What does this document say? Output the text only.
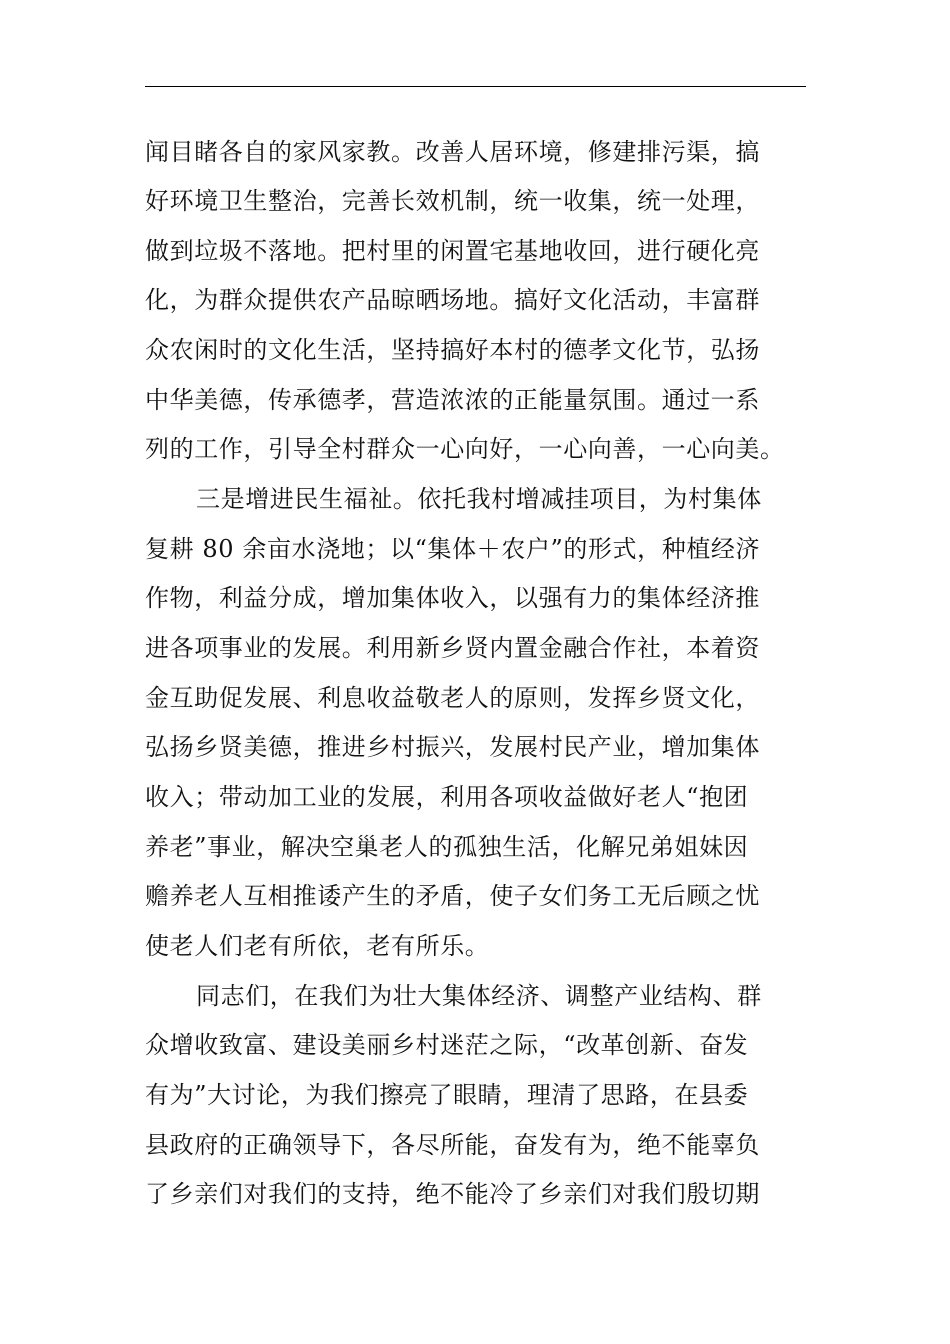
闻目睹各自的家风家教。改善人居环境，修建排污渠，搞
好环境卫生整治，完善长效机制，统一收集，统一处理，
做到垃圾不落地。把村里的闲置宅基地收回，进行硬化亮
化，为群众提供农产品晾晒场地。搞好文化活动，丰富群
众农闲时的文化生活，坚持搞好本村的德孝文化节，弘扬
中华美德，传承德孝，营造浓浓的正能量氛围。通过一系
列的工作，引导全村群众一心向好，一心向善，一心向美。
三是增进民生福祉。依托我村增减挂项目，为村集体
复耕 80 余亩水浇地；以“集体＋农户”的形式，种植经济
作物，利益分成，增加集体收入，以强有力的集体经济推
进各项事业的发展。利用新乡贤内置金融合作社，本着资
金互助促发展、利息收益敬老人的原则，发挥乡贤文化，
弘扬乡贤美德，推进乡村振兴，发展村民产业，增加集体
收入；带动加工业的发展，利用各项收益做好老人“抱团
养老”事业，解决空巢老人的孤独生活，化解兄弟姐妹因
赡养老人互相推诿产生的矛盾，使子女们务工无后顾之忧
使老人们老有所依，老有所乐。
同志们，在我们为壮大集体经济、调整产业结构、群
众增收致富、建设美丽乡村迷茫之际，“改革创新、奋发
有为”大讨论，为我们擦亮了眼睛，理清了思路，在县委
县政府的正确领导下，各尽所能，奋发有为，绝不能辜负
了乡亲们对我们的支持，绝不能冷了乡亲们对我们殷切期
